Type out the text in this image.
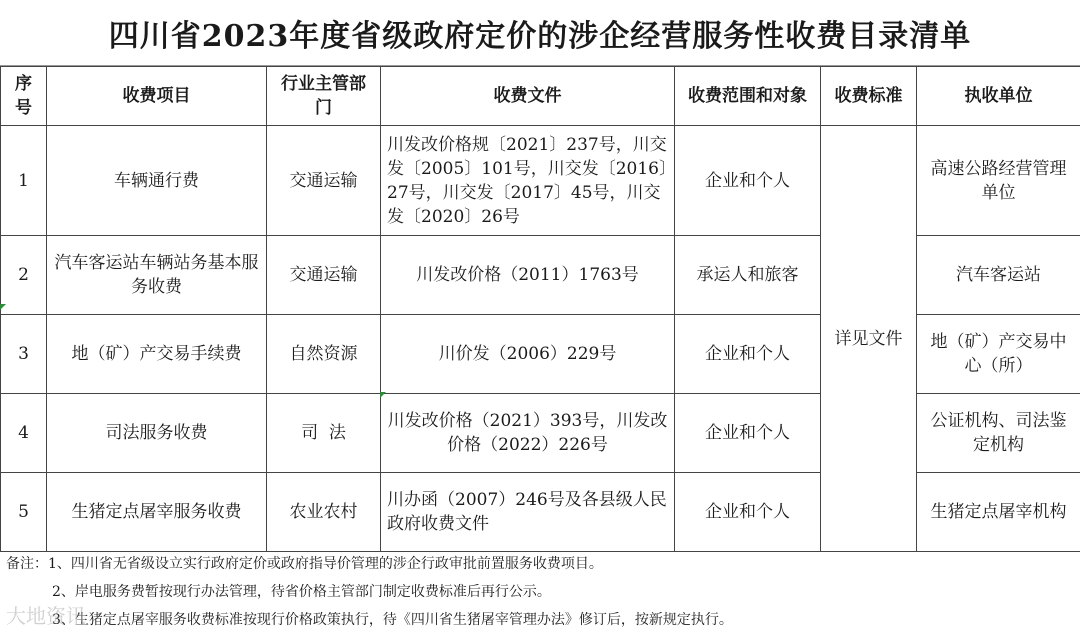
四川省2023年度省级政府定价的涉企经营服务性收费目录清单
序号	收费项目	行业主管部门	收费文件	收费范围和对象	收费标准	执收单位
1	车辆通行费	交通运输	川发改价格规〔2021〕237号，川交发〔2005〕101号，川交发〔2016〕27号，川交发〔2017〕45号，川交发〔2020〕26号	企业和个人	详见文件	高速公路经营管理单位
2	汽车客运站车辆站务基本服务收费	交通运输	川发改价格（2011）1763号	承运人和旅客		汽车客运站
3	地（矿）产交易手续费	自然资源	川价发（2006）229号	企业和个人		地（矿）产交易中心（所）
4	司法服务收费	司  法	川发改价格（2021）393号，川发改价格（2022）226号	企业和个人		公证机构、司法鉴定机构
5	生猪定点屠宰服务收费	农业农村	川办函（2007）246号及各县级人民政府收费文件	企业和个人		生猪定点屠宰机构
备注：1、四川省无省级设立实行政府定价或政府指导价管理的涉企行政审批前置服务收费项目。
2、岸电服务费暂按现行办法管理，待省价格主管部门制定收费标准后再行公示。
3、生猪定点屠宰服务收费标准按现行价格政策执行，待《四川省生猪屠宰管理办法》修订后，按新规定执行。
大地资讯
